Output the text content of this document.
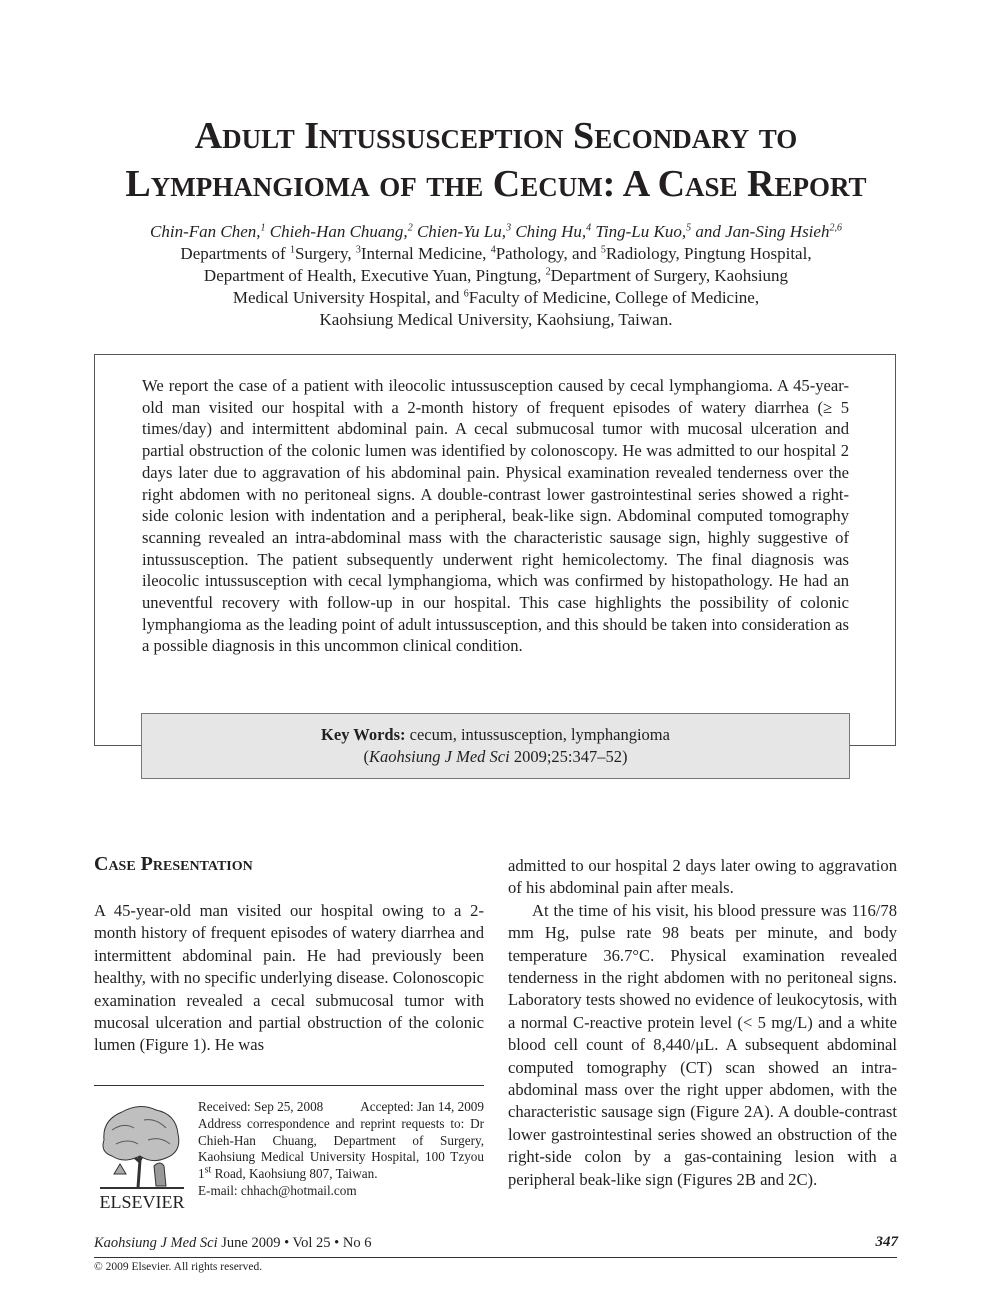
Adult Intussusception Secondary to
Lymphangioma of the Cecum: A Case Report
Chin-Fan Chen,$^1$ Chieh-Han Chuang,$^2$ Chien-Yu Lu,$^3$ Ching Hu,$^4$ Ting-Lu Kuo,$^5$ and Jan-Sing Hsieh$^{2,6}$
Departments of $^1$Surgery, $^3$Internal Medicine, $^4$Pathology, and $^5$Radiology, Pingtung Hospital,
Department of Health, Executive Yuan, Pingtung, $^2$Department of Surgery, Kaohsiung
Medical University Hospital, and $^6$Faculty of Medicine, College of Medicine,
Kaohsiung Medical University, Kaohsiung, Taiwan.

We report the case of a patient with ileocolic intussusception caused by cecal lymphangioma. A 45-year-old man visited our hospital with a 2-month history of frequent episodes of watery diarrhea (≥ 5 times/day) and intermittent abdominal pain. A cecal submucosal tumor with mucosal ulceration and partial obstruction of the colonic lumen was identified by colonoscopy. He was admitted to our hospital 2 days later due to aggravation of his abdominal pain. Physical examination revealed tenderness over the right abdomen with no peritoneal signs. A double-contrast lower gastrointestinal series showed a right-side colonic lesion with indentation and a peripheral, beak-like sign. Abdominal computed tomography scanning revealed an intra-abdominal mass with the characteristic sausage sign, highly suggestive of intussusception. The patient subsequently underwent right hemicolectomy. The final diagnosis was ileocolic intussusception with cecal lymphangioma, which was confirmed by histopathology. He had an uneventful recovery with follow-up in our hospital. This case highlights the possibility of colonic lymphangioma as the leading point of adult intussusception, and this should be taken into consideration as a possible diagnosis in this uncommon clinical condition.

Key Words: cecum, intussusception, lymphangioma
(Kaohsiung J Med Sci 2009;25:347–52)
Case Presentation

A 45-year-old man visited our hospital owing to a 2-month history of frequent episodes of watery diarrhea and intermittent abdominal pain. He had previously been healthy, with no specific underlying disease. Colonoscopic examination revealed a cecal submucosal tumor with mucosal ulceration and partial obstruction of the colonic lumen (Figure 1). He was

admitted to our hospital 2 days later owing to aggravation of his abdominal pain after meals.

At the time of his visit, his blood pressure was 116/78 mm Hg, pulse rate 98 beats per minute, and body temperature 36.7°C. Physical examination revealed tenderness in the right abdomen with no peritoneal signs. Laboratory tests showed no evidence of leukocytosis, with a normal C-reactive protein level (< 5 mg/L) and a white blood cell count of 8,440/μL. A subsequent abdominal computed tomography (CT) scan showed an intra-abdominal mass over the right upper abdomen, with the characteristic sausage sign (Figure 2A). A double-contrast lower gastrointestinal series showed an obstruction of the right-side colon by a gas-containing lesion with a peripheral beak-like sign (Figures 2B and 2C).

ELSEVIER
Received: Sep 25, 2008	Accepted: Jan 14, 2009
Address correspondence and reprint requests to: Dr Chieh-Han Chuang, Department of Surgery, Kaohsiung Medical University Hospital, 100 Tzyou 1st Road, Kaohsiung 807, Taiwan.
E-mail: chhach@hotmail.com
Kaohsiung J Med Sci June 2009 • Vol 25 • No 6	347
© 2009 Elsevier. All rights reserved.
